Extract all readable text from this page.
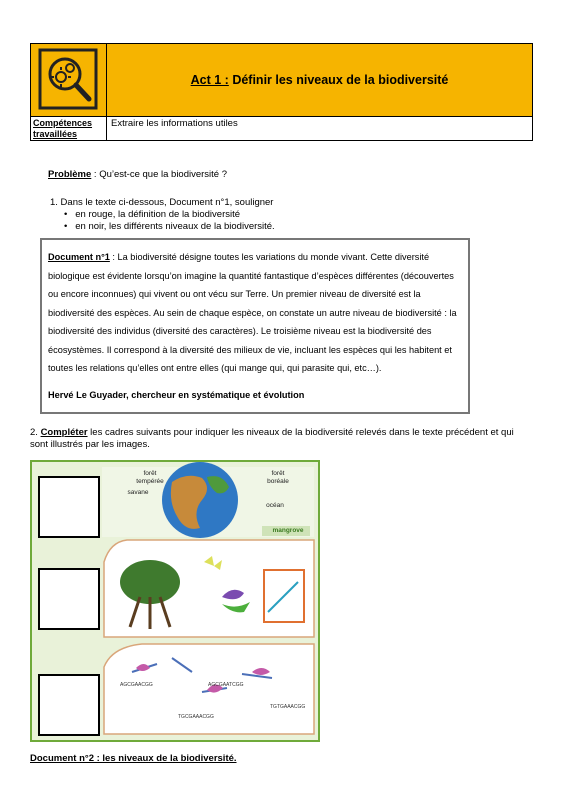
Act 1 : Définir les niveaux de la biodiversité
Compétences travaillées
Extraire les informations utiles
Problème : Qu’est-ce que la biodiversité ?
1. Dans le texte ci-dessous, Document n°1, souligner
•   en rouge, la définition de la biodiversité
•   en noir, les différents niveaux de la biodiversité.
Document n°1 : La biodiversité désigne toutes les variations du monde vivant. Cette diversité biologique est évidente lorsqu’on imagine la quantité fantastique d’espèces différentes (découvertes ou encore inconnues) qui vivent ou ont vécu sur Terre. Un premier niveau de diversité est la biodiversité des espèces. Au sein de chaque espèce, on constate un autre niveau de biodiversité : la biodiversité des individus (diversité des caractères). Le troisième niveau est la biodiversité des écosystèmes. Il correspond à la diversité des milieux de vie, incluant les espèces qui les habitent et toutes les relations qu’elles ont entre elles (qui mange qui, qui parasite qui, etc…).
Hervé Le Guyader, chercheur en systématique et évolution
2. Compléter les cadres suivants pour indiquer les niveaux de la biodiversité relevés dans le texte précédent et qui
sont illustrés par les images.
forêt tempérée
savane
forêt boréale
océan
mangrove
AGCGAACGG	AGCGAATCGG
TGCGAAACGG
TGTGAAACGG
Document n°2 : les niveaux de la biodiversité.
